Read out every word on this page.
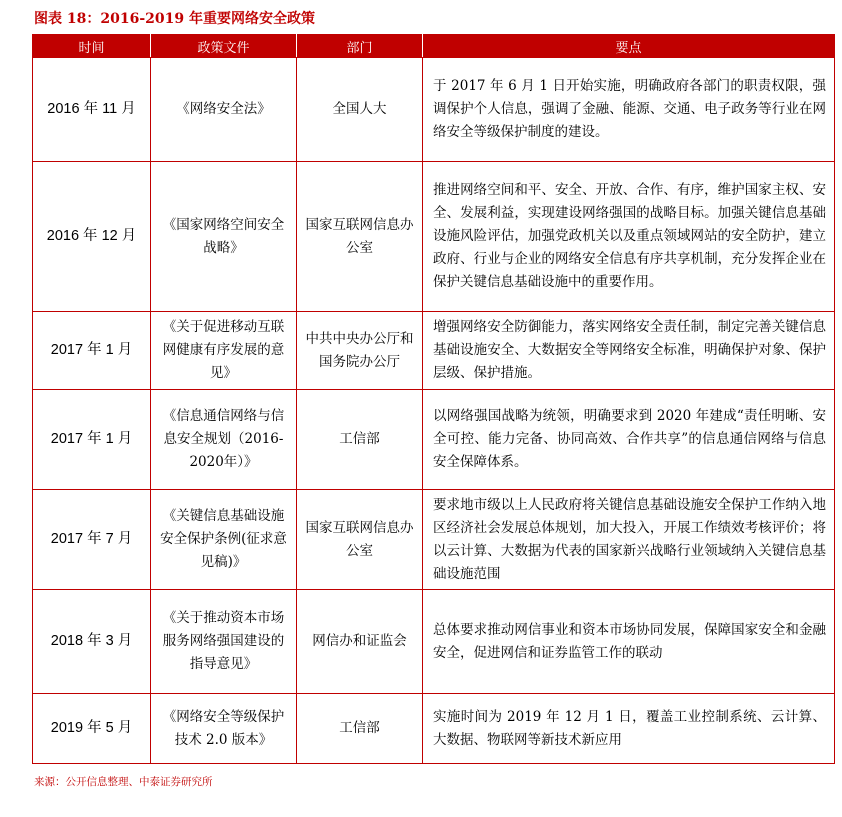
图表 18：2016-2019 年重要网络安全政策
时间	政策文件	部门	要点
2016 年 11 月	《网络安全法》	全国人大	于 2017 年 6 月 1 日开始实施，明确政府各部门的职责权限，强调保护个人信息，强调了金融、能源、交通、电子政务等行业在网络安全等级保护制度的建设。
2016 年 12 月	《国家网络空间安全战略》	国家互联网信息办公室	推进网络空间和平、安全、开放、合作、有序，维护国家主权、安全、发展利益，实现建设网络强国的战略目标。加强关键信息基础设施风险评估，加强党政机关以及重点领域网站的安全防护，建立政府、行业与企业的网络安全信息有序共享机制，充分发挥企业在保护关键信息基础设施中的重要作用。
2017 年 1 月	《关于促进移动互联网健康有序发展的意见》	中共中央办公厅和国务院办公厅	增强网络安全防御能力，落实网络安全责任制，制定完善关键信息基础设施安全、大数据安全等网络安全标准，明确保护对象、保护层级、保护措施。
2017 年 1 月	《信息通信网络与信息安全规划（2016-2020年）》	工信部	以网络强国战略为统领，明确要求到 2020 年建成“责任明晰、安全可控、能力完备、协同高效、合作共享”的信息通信网络与信息安全保障体系。
2017 年 7 月	《关键信息基础设施安全保护条例(征求意见稿)》	国家互联网信息办公室	要求地市级以上人民政府将关键信息基础设施安全保护工作纳入地区经济社会发展总体规划，加大投入，开展工作绩效考核评价；将以云计算、大数据为代表的国家新兴战略行业领域纳入关键信息基础设施范围
2018 年 3 月	《关于推动资本市场服务网络强国建设的指导意见》	网信办和证监会	总体要求推动网信事业和资本市场协同发展，保障国家安全和金融安全，促进网信和证券监管工作的联动
2019 年 5 月	《网络安全等级保护技术 2.0 版本》	工信部	实施时间为 2019 年 12 月 1 日，覆盖工业控制系统、云计算、大数据、物联网等新技术新应用
来源：公开信息整理、中泰证券研究所
